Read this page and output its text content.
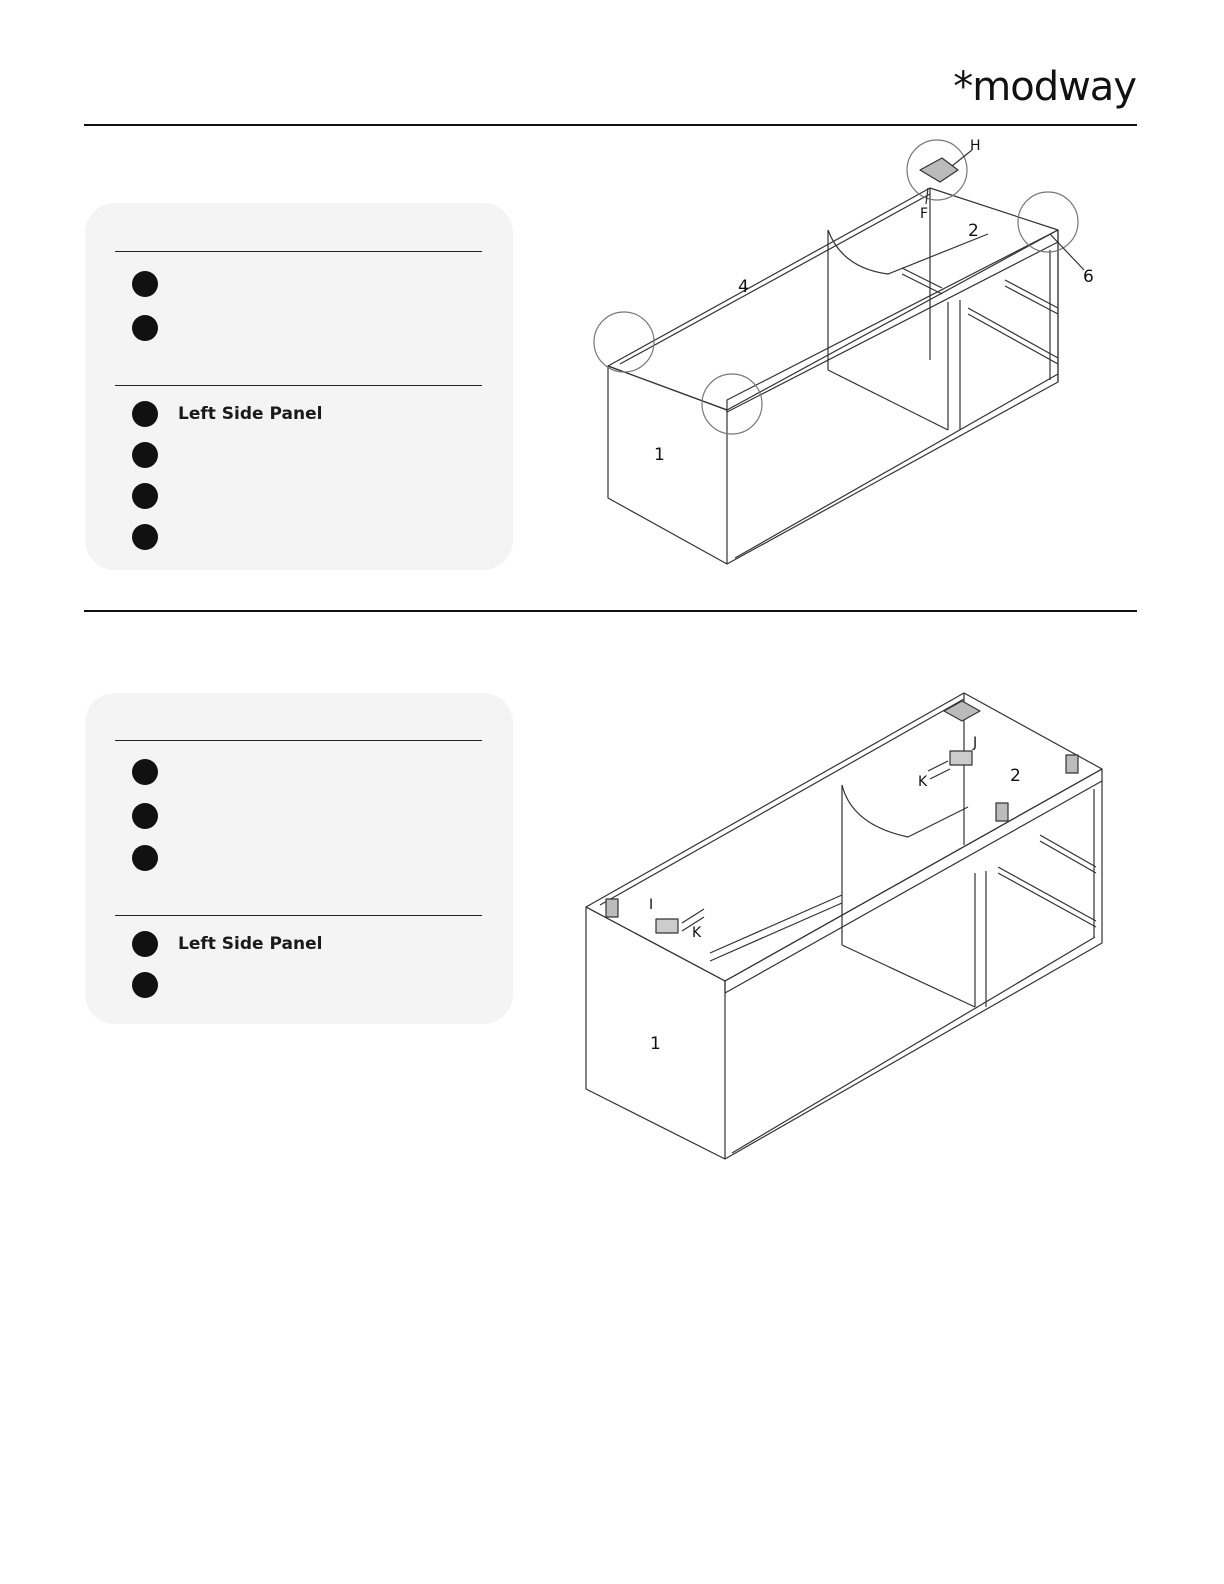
*modway
Left Side Panel
Left Side Panel
1
2
4	6
H
F
1
2
I
J
K
K
